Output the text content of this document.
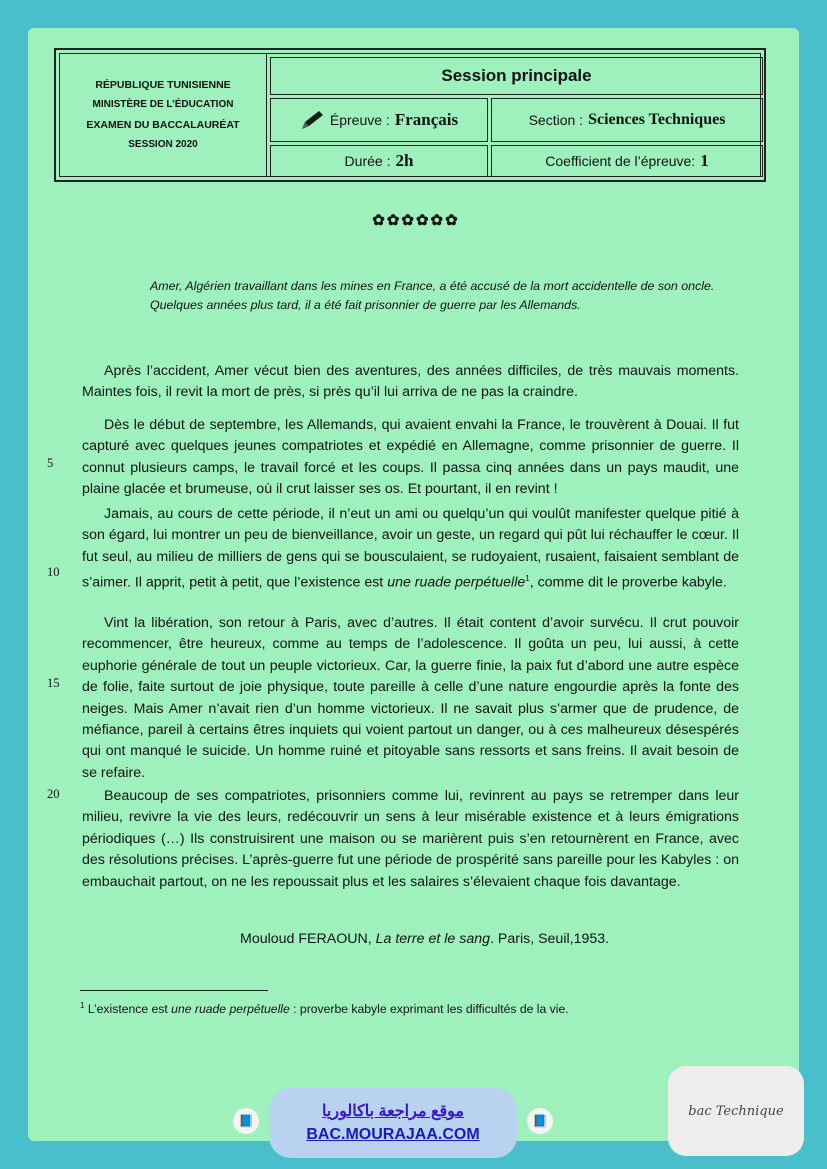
RÉPUBLIQUE TUNISIENNE
MINISTÈRE DE L’ÉDUCATION
EXAMEN DU BACCALAURÉAT
SESSION 2020
Session principale
Épreuve : Français	Section : Sciences Techniques
Durée : 2h	Coefficient de l’épreuve: 1
✿✿✿✿✿✿
Amer, Algérien travaillant dans les mines en France, a été accusé de la mort accidentelle de son oncle. Quelques années plus tard, il a été fait prisonnier de guerre par les Allemands.
Après l’accident, Amer vécut bien des aventures, des années difficiles, de très mauvais moments. Maintes fois, il revit la mort de près, si près qu’il lui arriva de ne pas la craindre.
Dès le début de septembre, les Allemands, qui avaient envahi la France, le trouvèrent à Douai. Il fut capturé avec quelques jeunes compatriotes et expédié en Allemagne, comme prisonnier de guerre. Il connut plusieurs camps, le travail forcé et les coups. Il passa cinq années dans un pays maudit, une plaine glacée et brumeuse, où il crut laisser ses os. Et pourtant, il en revint !
Jamais, au cours de cette période, il n’eut un ami ou quelqu’un qui voulût manifester quelque pitié à son égard, lui montrer un peu de bienveillance, avoir un geste, un regard qui pût lui réchauffer le cœur. Il fut seul, au milieu de milliers de gens qui se bousculaient, se rudoyaient, rusaient, faisaient semblant de s’aimer. Il apprit, petit à petit, que l’existence est une ruade perpétuelle$^1$, comme dit le proverbe kabyle.
Vint la libération, son retour à Paris, avec d’autres. Il était content d’avoir survécu. Il crut pouvoir recommencer, être heureux, comme au temps de l’adolescence. Il goûta un peu, lui aussi, à cette euphorie générale de tout un peuple victorieux. Car, la guerre finie, la paix fut d’abord une autre espèce de folie, faite surtout de joie physique, toute pareille à celle d’une nature engourdie après la fonte des neiges. Mais Amer n’avait rien d’un homme victorieux. Il ne savait plus s’armer que de prudence, de méfiance, pareil à certains êtres inquiets qui voient partout un danger, ou à ces malheureux désespérés qui ont manqué le suicide. Un homme ruiné et pitoyable sans ressorts et sans freins. Il avait besoin de se refaire.
Beaucoup de ses compatriotes, prisonniers comme lui, revinrent au pays se retremper dans leur milieu, revivre la vie des leurs, redécouvrir un sens à leur misérable existence et à leurs émigrations périodiques (…) Ils construisirent une maison ou se marièrent puis s’en retournèrent en France, avec des résolutions précises. L’après-guerre fut une période de prospérité sans pareille pour les Kabyles : on embauchait partout, on ne les repoussait plus et les salaires s’élevaient chaque fois davantage.
5
10
15
20
Mouloud FERAOUN, La terre et le sang. Paris, Seuil,1953.
$^1$ L’existence est une ruade perpétuelle : proverbe kabyle exprimant les difficultés de la vie.
📘	📘
موقع مراجعة باكالوريا
BAC.MOURAJAA.COM
bac Technique
